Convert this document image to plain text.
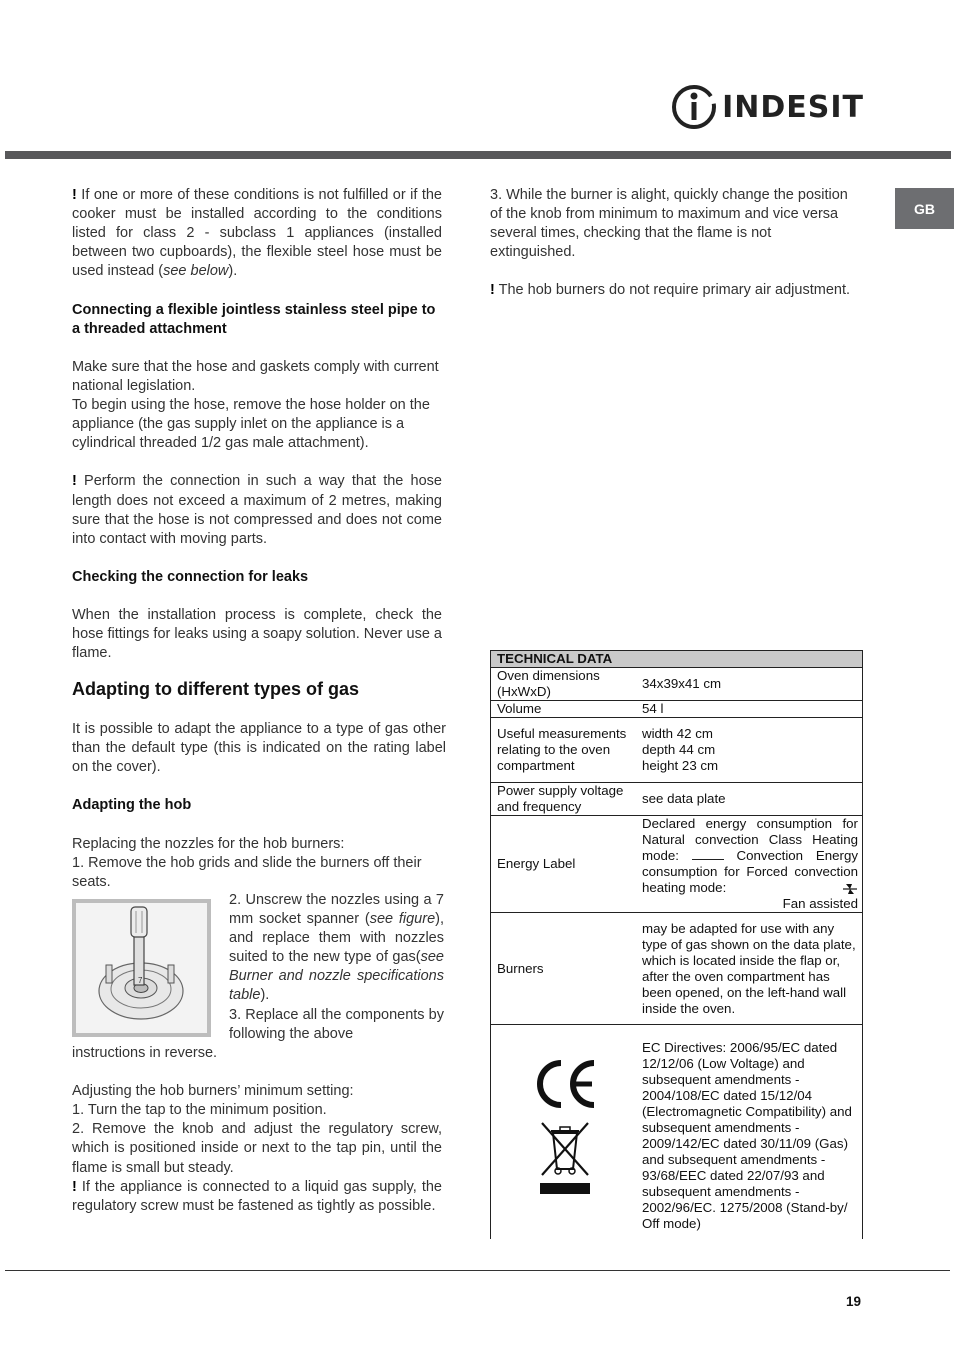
INDESIT
GB

! If one or more of these conditions is not fulfilled or if the cooker must be installed according to the conditions listed for class 2 - subclass 1 appliances (installed between two cupboards), the flexible steel hose must be used instead (see below).

Connecting a flexible jointless stainless steel pipe to a threaded attachment

Make sure that the hose and gaskets comply with current national legislation.

To begin using the hose, remove the hose holder on the appliance (the gas supply inlet on the appliance is a cylindrical threaded 1/2 gas male attachment).

! Perform the connection in such a way that the hose length does not exceed a maximum of 2 metres, making sure that the hose is not compressed and does not come into contact with moving parts.

Checking the connection for leaks

When the installation process is complete, check the hose fittings for leaks using a soapy solution. Never use a flame.

Adapting to different types of gas

It is possible to adapt the appliance to a type of gas other than the default type (this is indicated on the rating label on the cover).

Adapting the hob

Replacing the nozzles for the hob burners:

1. Remove the hob grids and slide the burners off their seats.

7

2. Unscrew the nozzles using a 7 mm socket spanner (see figure), and replace them with nozzles suited to the new type of gas(see Burner and nozzle specifications table).

3. Replace all the components by following the above

instructions in reverse.

Adjusting the hob burners’ minimum setting:

1. Turn the tap to the minimum position.

2. Remove the knob and adjust the regulatory screw, which is positioned inside or next to the tap pin, until the flame is small but steady.

! If the appliance is connected to a liquid gas supply, the regulatory screw must be fastened as tightly as possible.

3. While the burner is alight, quickly change the position of the knob from minimum to maximum and vice versa several times, checking that the flame is not extinguished.

! The hob burners do not require primary air adjustment.

TECHNICAL DATA	
Oven dimensions (HxWxD)	34x39x41 cm
Volume	54 l
Useful measurements relating to the oven compartment	width 42 cm
depth 44 cm
height 23 cm

Power supply voltage and frequency	see data plate
Energy Label	Declared energy consumption for Natural convection Class Heating mode:  Convection Energy consumption for Forced convection heating mode:
Fan assisted

Burners	may be adapted for use with any type of gas shown on the data plate, which is located inside the flap or, after the oven compartment has been opened, on the left-hand wall inside the oven.

	EC Directives: 2006/95/EC dated 12/12/06 (Low Voltage) and subsequent amendments - 2004/108/EC dated 15/12/04 (Electromagnetic Compatibility) and subsequent amendments - 2009/142/EC dated 30/11/09 (Gas) and subsequent amendments - 93/68/EEC dated 22/07/93 and subsequent amendments - 2002/96/EC. 1275/2008 (Stand-by/ Off mode)
19
